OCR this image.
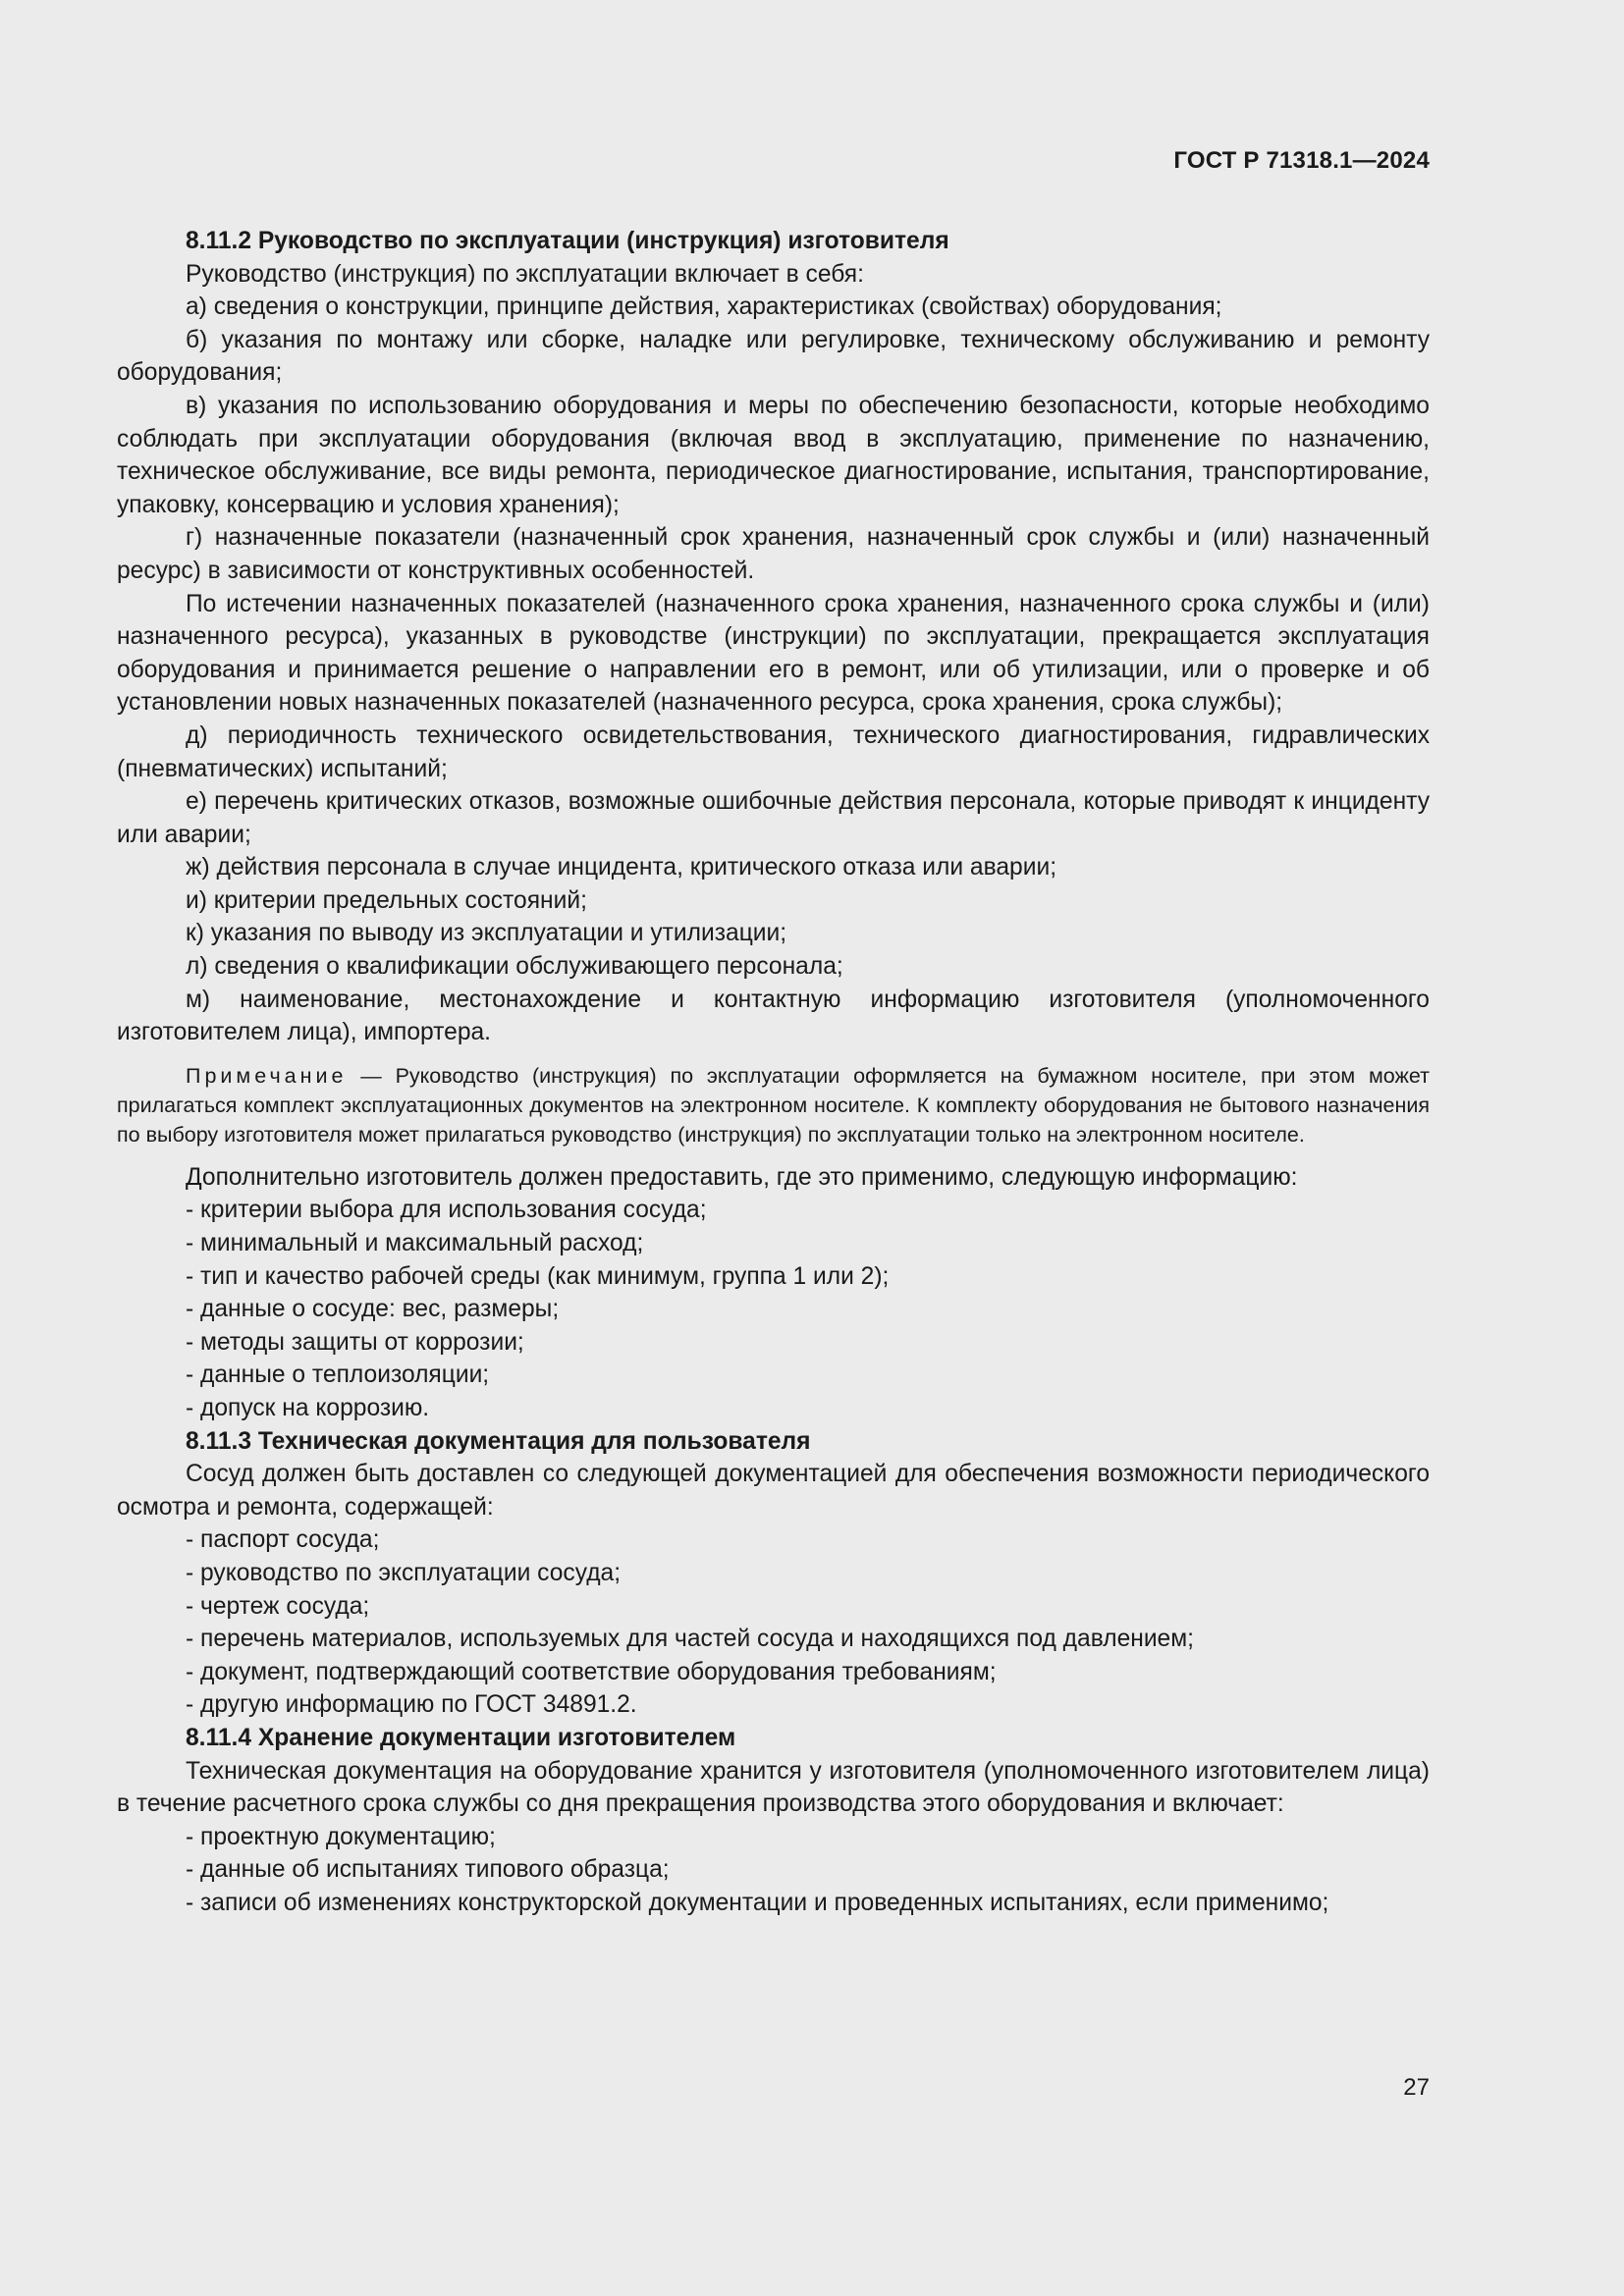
ГОСТ Р 71318.1—2024

8.11.2 Руководство по эксплуатации (инструкция) изготовителя

Руководство (инструкция) по эксплуатации включает в себя:

а) сведения о конструкции, принципе действия, характеристиках (свойствах) оборудования;

б) указания по монтажу или сборке, наладке или регулировке, техническому обслуживанию и ремонту оборудования;

в) указания по использованию оборудования и меры по обеспечению безопасности, которые необходимо соблюдать при эксплуатации оборудования (включая ввод в эксплуатацию, применение по назначению, техническое обслуживание, все виды ремонта, периодическое диагностирование, испытания, транспортирование, упаковку, консервацию и условия хранения);

г) назначенные показатели (назначенный срок хранения, назначенный срок службы и (или) назначенный ресурс) в зависимости от конструктивных особенностей.

По истечении назначенных показателей (назначенного срока хранения, назначенного срока службы и (или) назначенного ресурса), указанных в руководстве (инструкции) по эксплуатации, прекращается эксплуатация оборудования и принимается решение о направлении его в ремонт, или об утилизации, или о проверке и об установлении новых назначенных показателей (назначенного ресурса, срока хранения, срока службы);

д) периодичность технического освидетельствования, технического диагностирования, гидравлических (пневматических) испытаний;

е) перечень критических отказов, возможные ошибочные действия персонала, которые приводят к инциденту или аварии;

ж) действия персонала в случае инцидента, критического отказа или аварии;

и) критерии предельных состояний;

к) указания по выводу из эксплуатации и утилизации;

л) сведения о квалификации обслуживающего персонала;

м) наименование, местонахождение и контактную информацию изготовителя (уполномоченного изготовителем лица), импортера.

Примечание — Руководство (инструкция) по эксплуатации оформляется на бумажном носителе, при этом может прилагаться комплект эксплуатационных документов на электронном носителе. К комплекту оборудования не бытового назначения по выбору изготовителя может прилагаться руководство (инструкция) по эксплуатации только на электронном носителе.

Дополнительно изготовитель должен предоставить, где это применимо, следующую информацию:

- критерии выбора для использования сосуда;

- минимальный и максимальный расход;

- тип и качество рабочей среды (как минимум, группа 1 или 2);

- данные о сосуде: вес, размеры;

- методы защиты от коррозии;

- данные о теплоизоляции;

- допуск на коррозию.

8.11.3 Техническая документация для пользователя

Сосуд должен быть доставлен со следующей документацией для обеспечения возможности периодического осмотра и ремонта, содержащей:

- паспорт сосуда;

- руководство по эксплуатации сосуда;

- чертеж сосуда;

- перечень материалов, используемых для частей сосуда и находящихся под давлением;

- документ, подтверждающий соответствие оборудования требованиям;

- другую информацию по ГОСТ 34891.2.

8.11.4 Хранение документации изготовителем

Техническая документация на оборудование хранится у изготовителя (уполномоченного изготовителем лица) в течение расчетного срока службы со дня прекращения производства этого оборудования и включает:

- проектную документацию;

- данные об испытаниях типового образца;

- записи об изменениях конструкторской документации и проведенных испытаниях, если применимо;

27
